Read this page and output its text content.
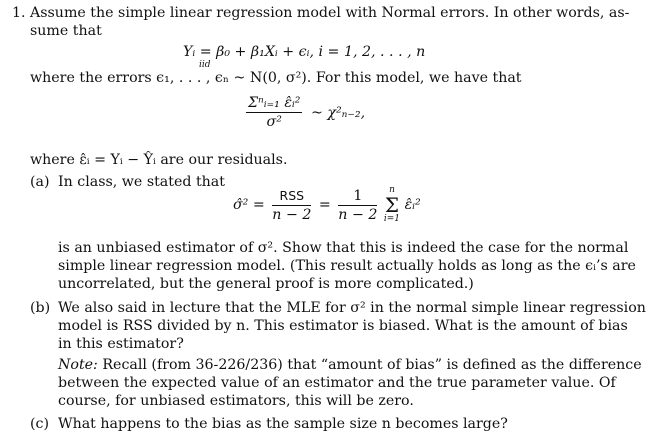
1. Assume the simple linear regression model with Normal errors. In other words, as-
sume that
Yᵢ = β₀ + β₁Xᵢ + ϵᵢ, i = 1, 2, . . . , n
iid
where the errors ϵ₁, . . . , ϵₙ ~ N(0, σ²). For this model, we have that
$\frac{\text{Σⁿᵢ₌₁ ε̂ᵢ²}}{\text{σ²}}$ ~ χ²ₙ₋₂,
where ε̂ᵢ = Yᵢ − Ŷᵢ are our residuals.
(a) In class, we stated that
σ̂² = $\frac{\text{RSS}}{n - 2} = \frac{1}{n - 2}$
	n
Σ
i=1
ε̂ᵢ²
is an unbiased estimator of σ². Show that this is indeed the case for the normal
simple linear regression model. (This result actually holds as long as the ϵᵢ’s are
uncorrelated, but the general proof is more complicated.)
(b) We also said in lecture that the MLE for σ² in the normal simple linear regression
model is RSS divided by n. This estimator is biased. What is the amount of bias
in this estimator?
Note: Recall (from 36-226/236) that “amount of bias” is defined as the difference
between the expected value of an estimator and the true parameter value. Of
course, for unbiased estimators, this will be zero.
(c) What happens to the bias as the sample size n becomes large?
